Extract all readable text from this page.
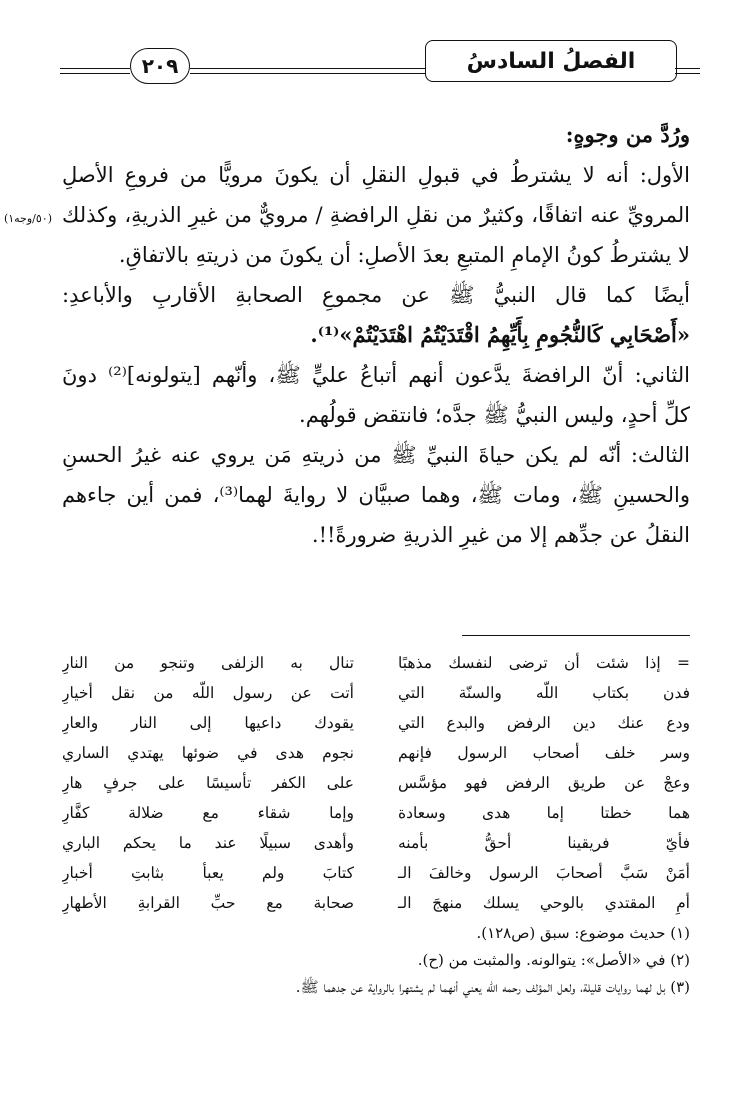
٢٠٩	الفصلُ السادسُ
(٥٠/وجه١)
ورُدَّ من وجوهٍ:
الأول: أنه لا يشترطُ في قبولِ النقلِ أن يكونَ مرويًّا من فروعِ الأصلِ
المرويِّ عنه اتفاقًا، وكثيرٌ من نقلِ الرافضةِ / مرويٌّ من غيرِ الذريةِ، وكذلك
لا يشترطُ كونُ الإمامِ المتبعِ بعدَ الأصلِ: أن يكونَ من ذريتهِ بالاتفاقِ.
أيضًا كما قال النبيُّ ﷺ عن مجموعِ الصحابةِ الأقاربِ والأباعدِ:
«أَصْحَابِي كَالنُّجُومِ بِأَيِّهِمُ اقْتَدَيْتُمُ اهْتَدَيْتُمْ»⁽¹⁾.
الثاني: أنّ الرافضةَ يدَّعون أنهم أتباعُ عليٍّ ﷺ، وأنّهم [يتولونه]⁽²⁾ دونَ
كلِّ أحدٍ، وليس النبيُّ ﷺ جدَّه؛ فانتقض قولُهم.
الثالث: أنّه لم يكن حياةَ النبيِّ ﷺ من ذريتهِ مَن يروي عنه غيرُ الحسنِ
والحسينِ ﷺ، ومات ﷺ، وهما صبيَّان لا روايةَ لهما⁽³⁾، فمن أين جاءهم
النقلُ عن جدِّهم إلا من غيرِ الذريةِ ضرورةً!!.
= إذا شئت أن ترضى لنفسك مذهبًا
تنال به الزلفى وتنجو من النارِ
فدن بكتاب اللّه والسنّة التي
أتت عن رسول اللّه من نقل أخيارِ
ودع عنك دين الرفض والبدع التي
يقودك داعيها إلى النار والعارِ
وسر خلف أصحاب الرسول فإنهم
نجوم هدى في ضوئها يهتدي الساري
وعجْ عن طريق الرفض فهو مؤسَّس
على الكفر تأسيسًا على جرفٍ هارِ
هما خطتا إما هدى وسعادة
وإما شقاء مع ضلالة كفَّارِ
فأيّ فريقينا أحقُّ بأمنه
وأهدى سبيلًا عند ما يحكم الباري
أمَنْ سَبَّ أصحابَ الرسول وخالفَ الـ
كتابَ ولم يعبأ بثابتِ أخبارِ
أمِ المقتدي بالوحي يسلك منهجَ الـ
صحابة مع حبِّ القرابةِ الأطهارِ
(١) حديث موضوع: سبق (ص١٢٨).
(٢) في «الأصل»: يتوالونه. والمثبت من (ح).
(٣) بل لهما روايات قليلة، ولعل المؤلف رحمه الله يعني أنهما لم يشتهرا بالرواية عن جدهما ﷺ.
